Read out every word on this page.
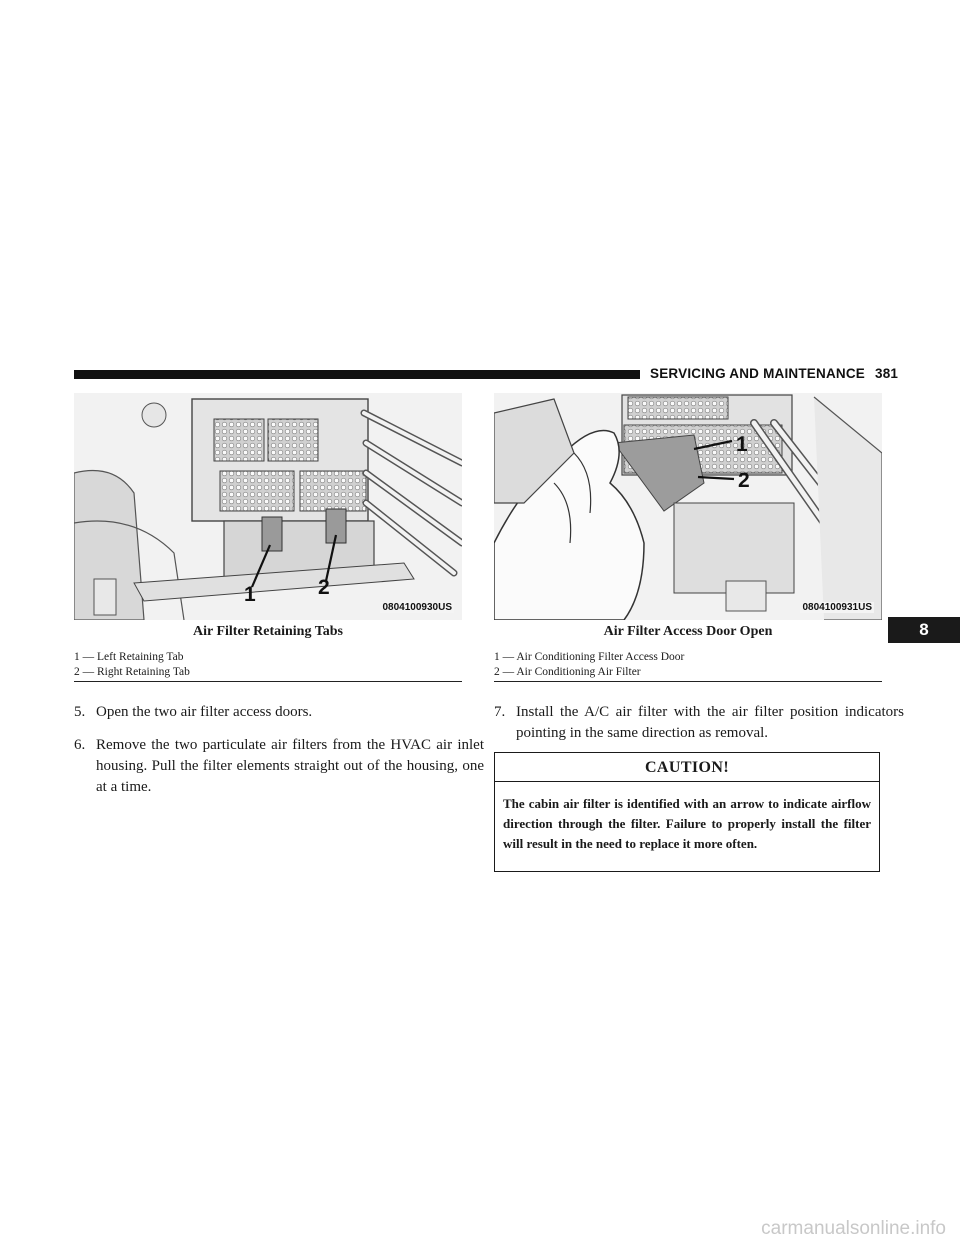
SERVICING AND MAINTENANCE 381
8
1	2
0804100930US
Air Filter Retaining Tabs
1 — Left Retaining Tab
2 — Right Retaining Tab
1
2
0804100931US
Air Filter Access Door Open
1 — Air Conditioning Filter Access Door
2 — Air Conditioning Air Filter
5. Open the two air filter access doors.
6. Remove the two particulate air filters from the HVAC air inlet housing. Pull the filter elements straight out of the housing, one at a time.
7. Install the A/C air filter with the air filter position indicators pointing in the same direction as removal.
CAUTION!
The cabin air filter is identified with an arrow to indicate airflow direction through the filter. Failure to properly install the filter will result in the need to replace it more often.
carmanualsonline.info
